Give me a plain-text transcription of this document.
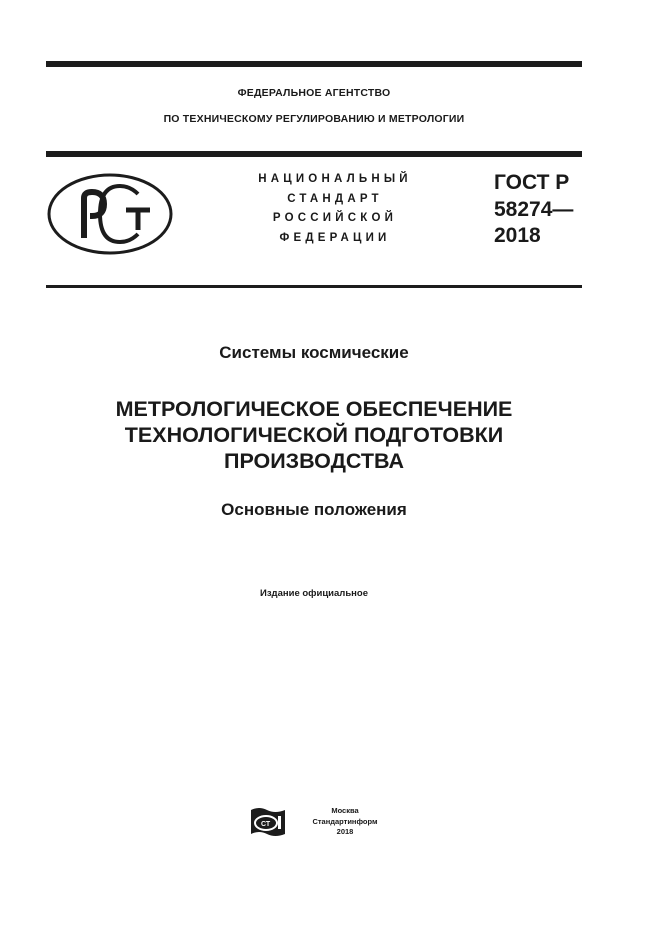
ФЕДЕРАЛЬНОЕ АГЕНТСТВО
ПО ТЕХНИЧЕСКОМУ РЕГУЛИРОВАНИЮ И МЕТРОЛОГИИ
НАЦИОНАЛЬНЫЙ
СТАНДАРТ
РОССИЙСКОЙ
ФЕДЕРАЦИИ
ГОСТ Р
58274—
2018
Системы космические
МЕТРОЛОГИЧЕСКОЕ ОБЕСПЕЧЕНИЕ
ТЕХНОЛОГИЧЕСКОЙ ПОДГОТОВКИ
ПРОИЗВОДСТВА
Основные положения
Издание официальное
СТ
Москва
Стандартинформ
2018
